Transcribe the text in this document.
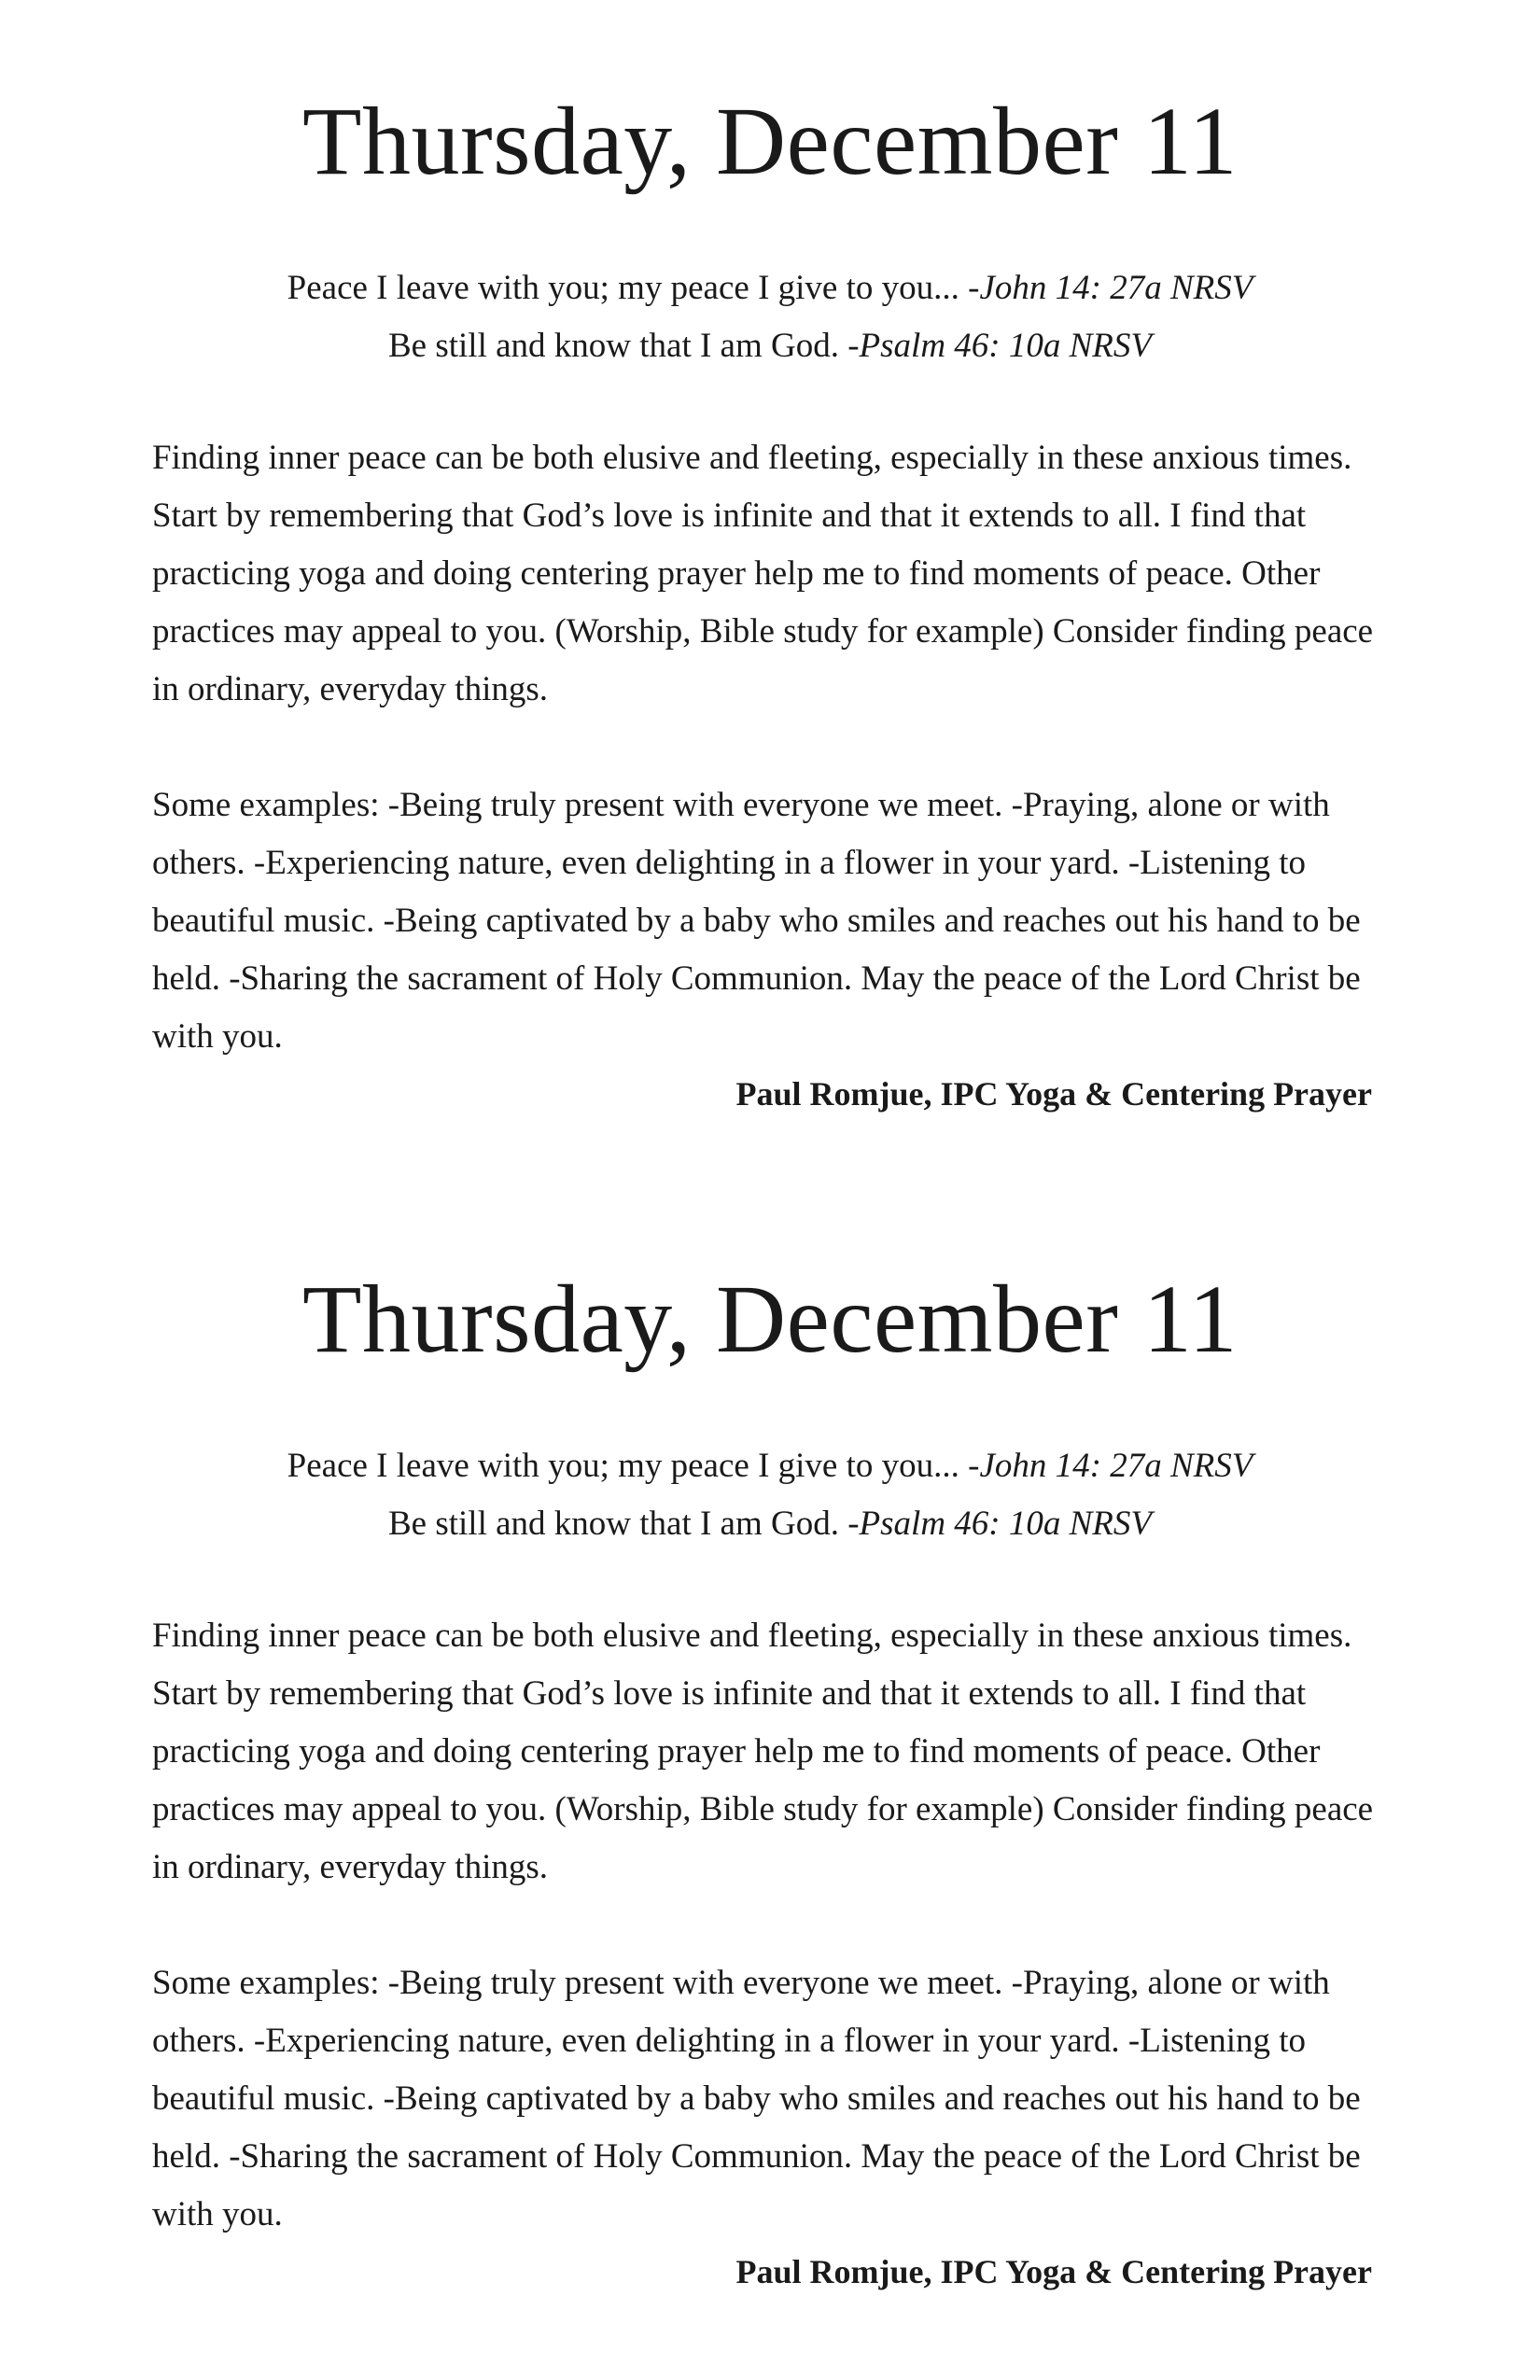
Thursday, December 11
Peace I leave with you; my peace I give to you... -John 14: 27a NRSV
Be still and know that I am God. -Psalm 46: 10a NRSV

Finding inner peace can be both elusive and fleeting, especially in these anxious times. Start by remembering that God’s love is infinite and that it extends to all. I find that practicing yoga and doing centering prayer help me to find moments of peace. Other practices may appeal to you. (Worship, Bible study for example) Consider finding peace in ordinary, everyday things.

Some examples: -Being truly present with everyone we meet. -Praying, alone or with others. -Experiencing nature, even delighting in a flower in your yard. -Listening to beautiful music. -Being captivated by a baby who smiles and reaches out his hand to be held. -Sharing the sacrament of Holy Communion. May the peace of the Lord Christ be with you.

Paul Romjue, IPC Yoga & Centering Prayer
Thursday, December 11
Peace I leave with you; my peace I give to you... -John 14: 27a NRSV
Be still and know that I am God. -Psalm 46: 10a NRSV

Finding inner peace can be both elusive and fleeting, especially in these anxious times. Start by remembering that God’s love is infinite and that it extends to all. I find that practicing yoga and doing centering prayer help me to find moments of peace. Other practices may appeal to you. (Worship, Bible study for example) Consider finding peace in ordinary, everyday things.

Some examples: -Being truly present with everyone we meet. -Praying, alone or with others. -Experiencing nature, even delighting in a flower in your yard. -Listening to beautiful music. -Being captivated by a baby who smiles and reaches out his hand to be held. -Sharing the sacrament of Holy Communion. May the peace of the Lord Christ be with you.

Paul Romjue, IPC Yoga & Centering Prayer
